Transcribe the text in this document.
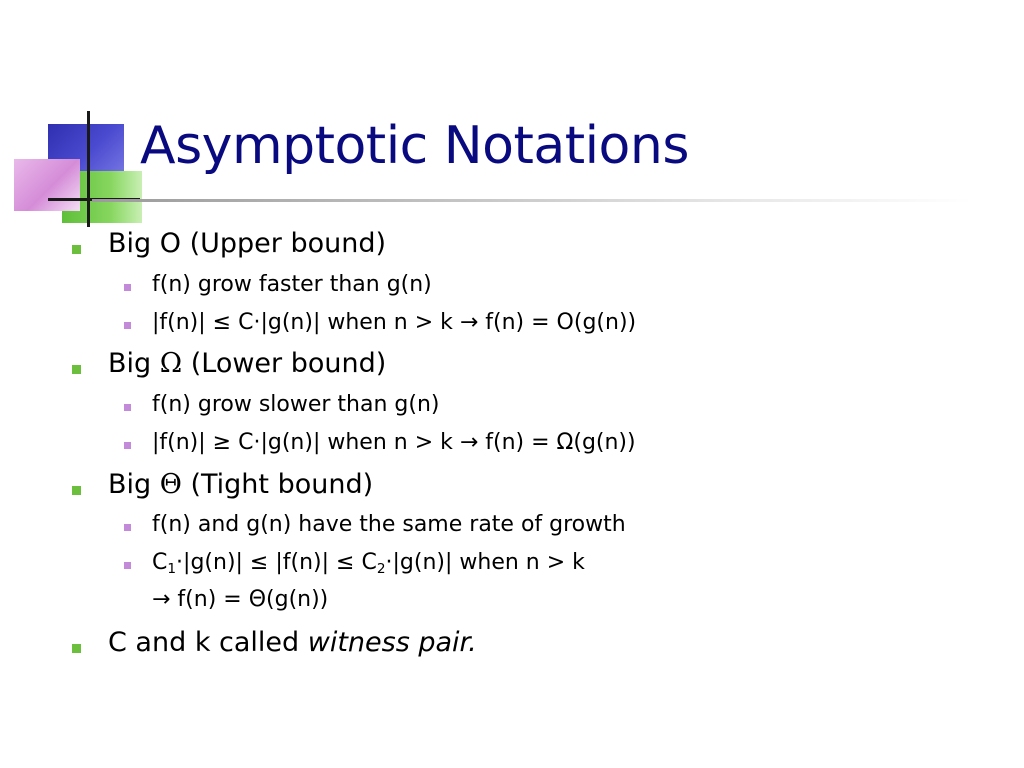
Asymptotic Notations
Big O (Upper bound)
f(n) grow faster than g(n)
|f(n)| ≤ C·|g(n)| when n > k → f(n) = O(g(n))
Big Ω (Lower bound)
f(n) grow slower than g(n)
|f(n)| ≥ C·|g(n)| when n > k → f(n) = Ω(g(n))
Big Θ (Tight bound)
f(n) and g(n) have the same rate of growth
$C_1\cdot|g(n)| \le |f(n)| \le C_2\cdot|g(n)|$ when n > k
→ f(n) = Θ(g(n))
C and k called witness pair.
